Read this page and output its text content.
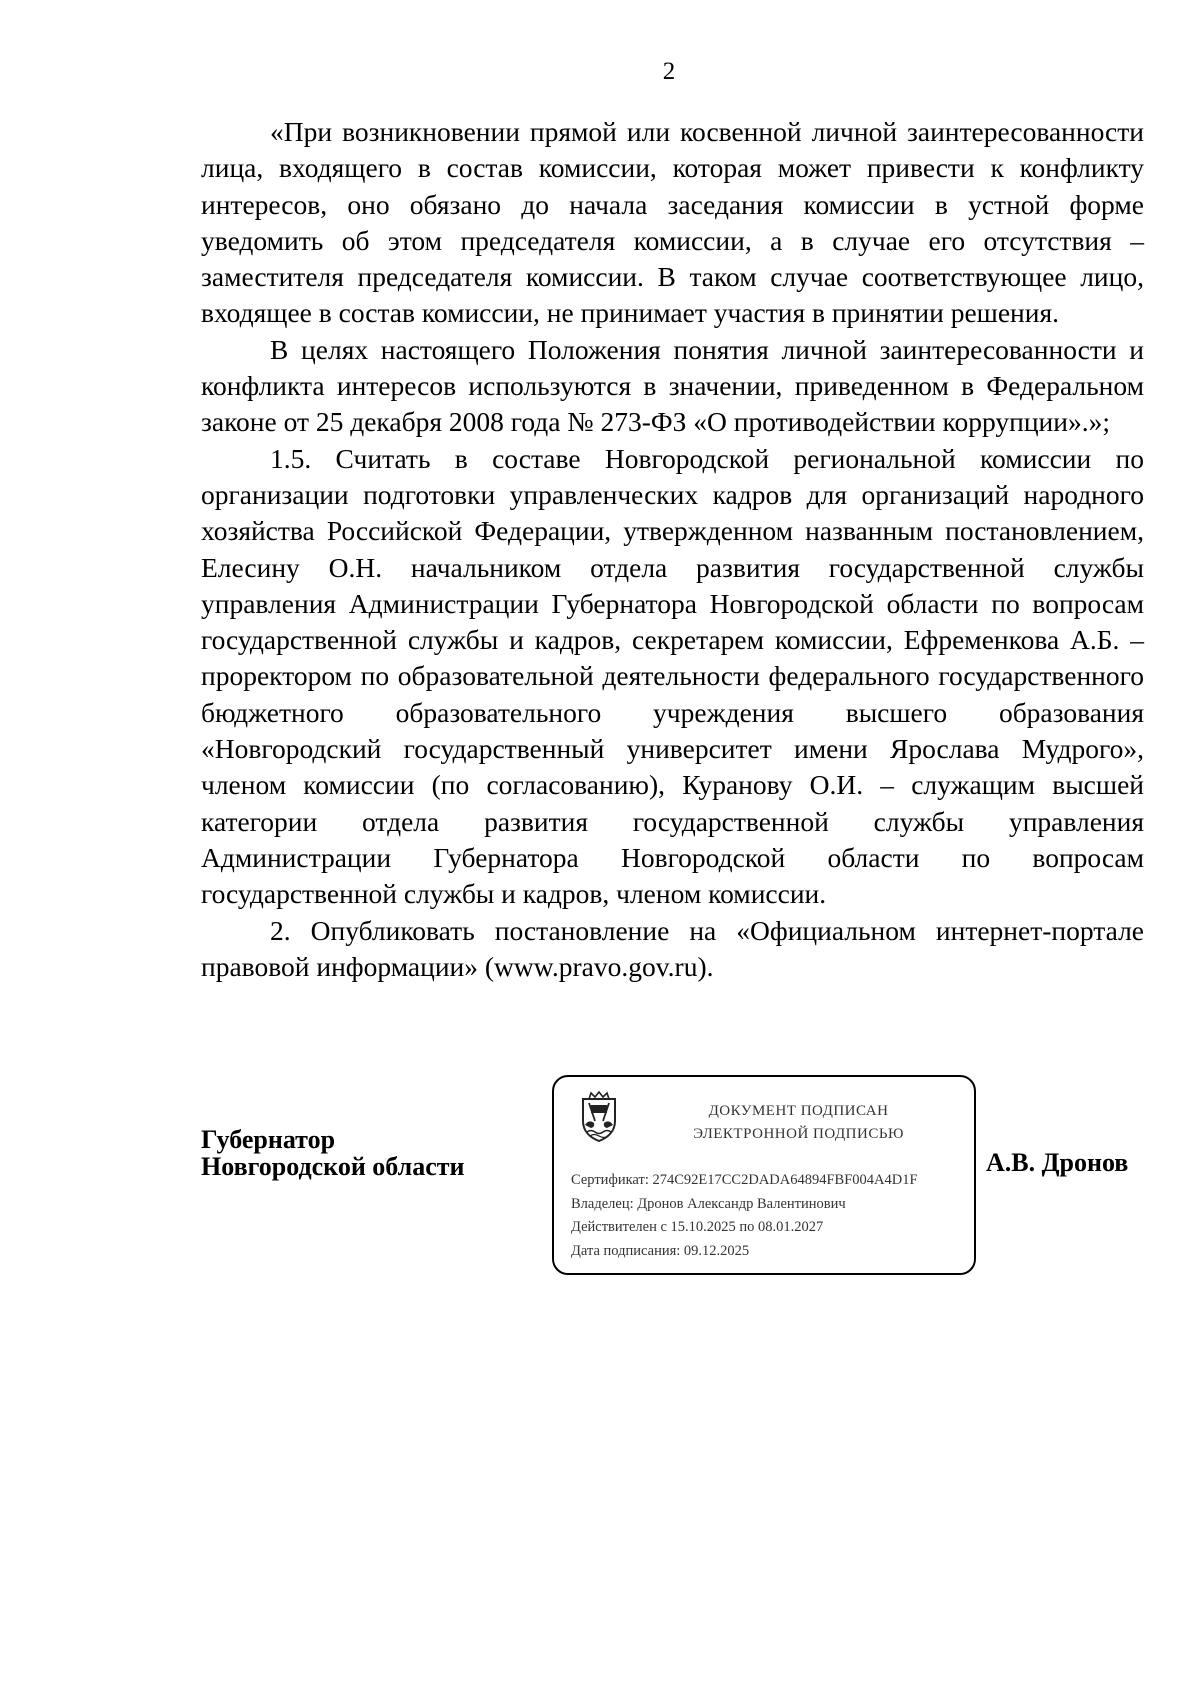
2

«При возникновении прямой или косвенной личной заинтересованности лица, входящего в состав комиссии, которая может привести к конфликту интересов, оно обязано до начала заседания комиссии в устной форме уведомить об этом председателя комиссии, а в случае его отсутствия – заместителя председателя комиссии. В таком случае соответствующее лицо, входящее в состав комиссии, не принимает участия в принятии решения.

В целях настоящего Положения понятия личной заинтересованности и конфликта интересов используются в значении, приведенном в Федеральном законе от 25 декабря 2008 года № 273-ФЗ «О противодействии коррупции».»;

1.5. Считать в составе Новгородской региональной комиссии по организации подготовки управленческих кадров для организаций народного хозяйства Российской Федерации, утвержденном названным постановлением, Елесину О.Н. начальником отдела развития государственной службы управления Администрации Губернатора Новгородской области по вопросам государственной службы и кадров, секретарем комиссии, Ефременкова А.Б. – проректором по образовательной деятельности федерального государственного бюджетного образовательного учреждения высшего образования «Новгородский государственный университет имени Ярослава Мудрого», членом комиссии (по согласованию), Куранову О.И. – служащим высшей категории отдела развития государственной службы управления Администрации Губернатора Новгородской области по вопросам государственной службы и кадров, членом комиссии.

2. Опубликовать постановление на «Официальном интернет-портале правовой информации» (www.pravo.gov.ru).

Губернатор
Новгородской области
ДОКУМЕНТ ПОДПИСАН
ЭЛЕКТРОННОЙ ПОДПИСЬЮ
Сертификат: 274C92E17CC2DADA64894FBF004A4D1F
Владелец: Дронов Александр Валентинович
Действителен с 15.10.2025 по 08.01.2027
Дата подписания: 09.12.2025
А.В. Дронов
